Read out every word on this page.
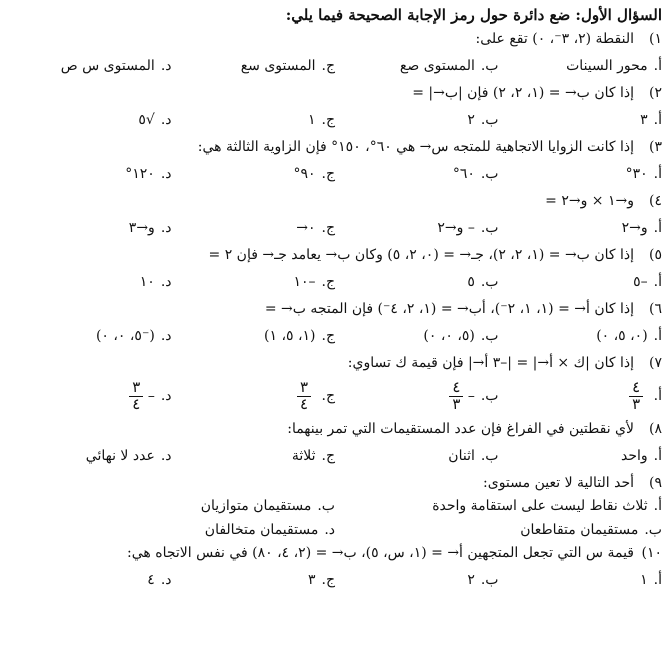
السؤال الأول: ضع دائرة حول رمز الإجابة الصحيحة فيما يلي:
١)
النقطة (٢، ٣⁻، ٠) تقع على:
أ.محور السينات
ب.المستوى صع
ج.المستوى سع
د.المستوى س ص
٢)
إذا كان ب→ = (١، ٢، ٢) فإن |ب→| =
أ.٣
ب.٢
ج.١
د.√٥
٣)
إذا كانت الزوايا الاتجاهية للمتجه س→ هي ٦٠°، ١٥٠° فإن الزاوية الثالثة هي:
أ.٣٠°
ب.٦٠°
ج.٩٠°
د.١٢٠°
٤)
و→١ × و→٢ =
أ.و→٢
ب.– و→٢
ج.٠→
د.و→٣
٥)
إذا كان ب→ = (١، ٢، ٢)، جـ→ = (٠، ٢، ٥) وكان ب→ يعامد جـ→ فإن ٢ =
أ.–٥
ب.٥
ج.–١٠
د.١٠
٦)
إذا كان أ→ = (١، ١، ٢⁻)، أب→ = (١، ٢، ٤⁻) فإن المتجه ب→ =
أ.(٠، ٥، ٠)
ب.(٥، ٠، ٠)
ج.(١، ٥، ١)
د.(⁻٥، ٠، ٠)
٧)
إذا كان |ك × أ→| = |–٣ أ→| فإن قيمة ك تساوي:
أ.
$\frac{٤}{٣}$
ب.–
$\frac{٤}{٣}$
ج.
$\frac{٣}{٤}$
د.–
$\frac{٣}{٤}$
٨)
لأي نقطتين في الفراغ فإن عدد المستقيمات التي تمر بينهما:
أ.واحد
ب.اثنان
ج.ثلاثة
د.عدد لا نهائي
٩)
أحد التالية لا تعين مستوى:
أ.ثلاث نقاط ليست على استقامة واحدة
ب.مستقيمان متوازيان
ب.مستقيمان متقاطعان
د.مستقيمان متخالفان
١٠)
قيمة س التي تجعل المتجهين أ→ = (١، س، ٥)، ب→ = (٢، ٤، ٨٠) في نفس الاتجاه هي:
أ.١
ب.٢
ج.٣
د.٤
